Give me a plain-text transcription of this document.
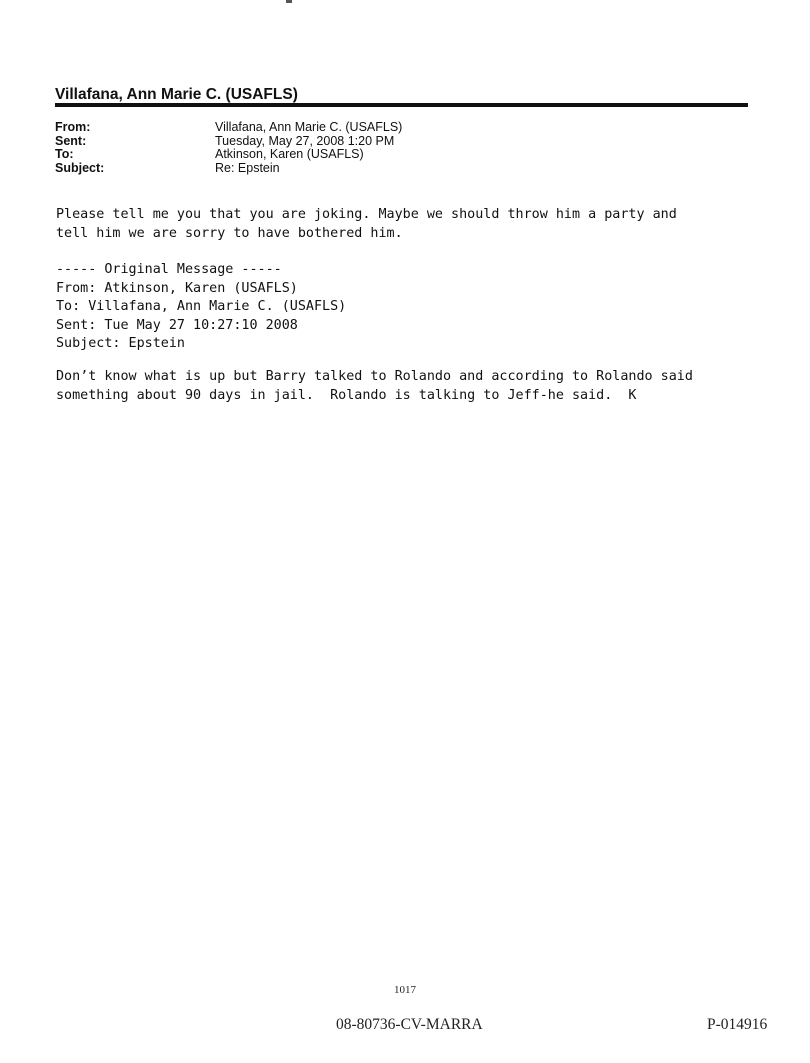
Villafana, Ann Marie C. (USAFLS)
From:	Villafana, Ann Marie C. (USAFLS)
Sent:	Tuesday, May 27, 2008 1:20 PM
To:	Atkinson, Karen (USAFLS)
Subject:	Re: Epstein
Please tell me you that you are joking. Maybe we should throw him a party and
tell him we are sorry to have bothered him.
----- Original Message -----
From: Atkinson, Karen (USAFLS)
To: Villafana, Ann Marie C. (USAFLS)
Sent: Tue May 27 10:27:10 2008
Subject: Epstein
Don’t know what is up but Barry talked to Rolando and according to Rolando said
something about 90 days in jail.  Rolando is talking to Jeff-he said.  K
1017
08-80736-CV-MARRA	P-014916
